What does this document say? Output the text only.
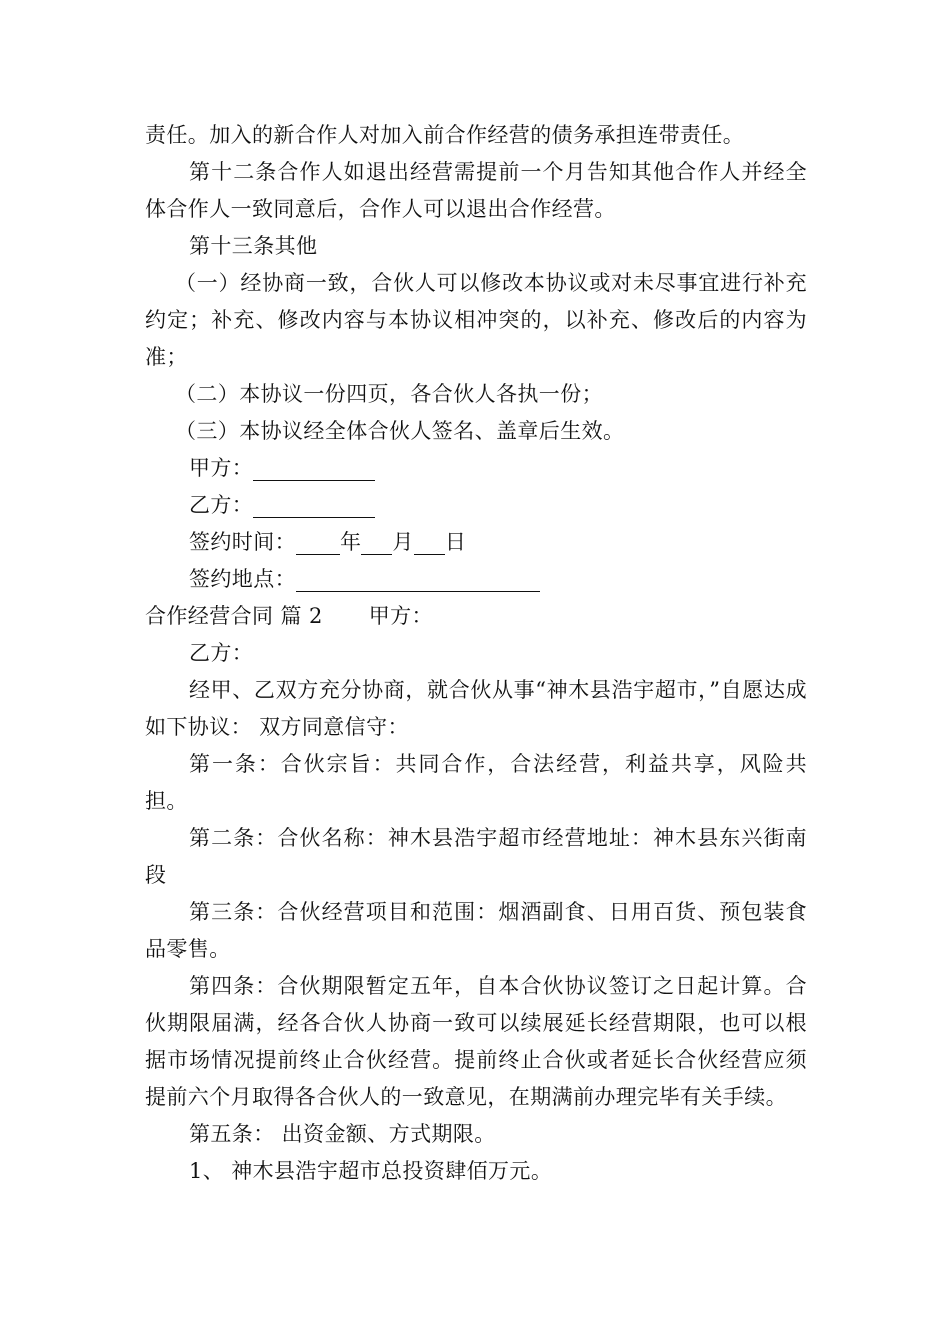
责任。加入的新合作人对加入前合作经营的债务承担连带责任。

第十二条合作人如退出经营需提前一个月告知其他合作人并经全体合作人一致同意后，合作人可以退出合作经营。

第十三条其他

（一）经协商一致，合伙人可以修改本协议或对未尽事宜进行补充约定；补充、修改内容与本协议相冲突的，以补充、修改后的内容为准；

（二）本协议一份四页，各合伙人各执一份；

（三）本协议经全体合伙人签名、盖章后生效。

甲方：

乙方：

签约时间： 年 月 日

签约地点：

合作经营合同 篇 2 甲方：

乙方：

经甲、乙双方充分协商，就合伙从事“神木县浩宇超市，”自愿达成如下协议： 双方同意信守：

第一条：合伙宗旨：共同合作，合法经营，利益共享，风险共担。

第二条：合伙名称：神木县浩宇超市经营地址：神木县东兴街南段

第三条：合伙经营项目和范围：烟酒副食、日用百货、预包装食品零售。

第四条：合伙期限暂定五年，自本合伙协议签订之日起计算。合伙期限届满，经各合伙人协商一致可以续展延长经营期限，也可以根据市场情况提前终止合伙经营。提前终止合伙或者延长合伙经营应须提前六个月取得各合伙人的一致意见，在期满前办理完毕有关手续。

第五条： 出资金额、方式期限。

1、 神木县浩宇超市总投资肆佰万元。
